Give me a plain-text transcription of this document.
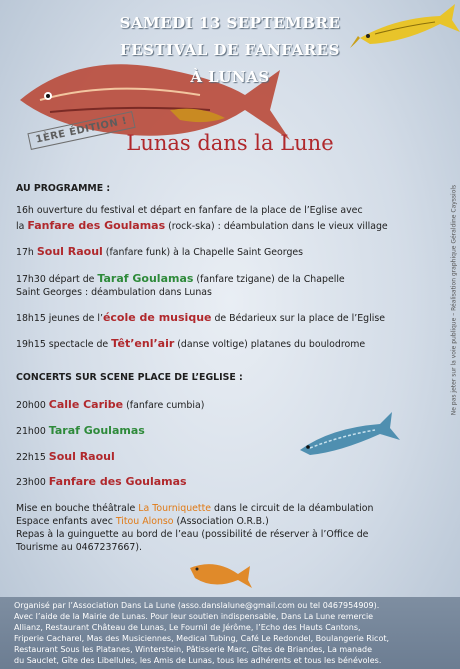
SAMEDI 13 SEPTEMBRE
FESTIVAL DE FANFARES
À LUNAS
1ÈRE ÉDITION !
Lunas dans la Lune
Ne pas jeter sur la voie publique – Réalisation graphique Géraldine Cayssiols
AU PROGRAMME :
16h ouverture du festival et départ en fanfare de la place de l’Eglise avec
la Fanfare des Goulamas (rock-ska) : déambulation dans le vieux village
17h Soul Raoul (fanfare funk) à la Chapelle Saint Georges
17h30 départ de Taraf Goulamas (fanfare tzigane) de la Chapelle
Saint Georges : déambulation dans Lunas
18h15 jeunes de l’école de musique de Bédarieux sur la place de l’Eglise
19h15 spectacle de Têt’enl’air (danse voltige) platanes du boulodrome
CONCERTS SUR SCENE PLACE DE L’EGLISE :
20h00 Calle Caribe (fanfare cumbia)
21h00 Taraf Goulamas
22h15 Soul Raoul
23h00 Fanfare des Goulamas
Mise en bouche théâtrale La Tourniquette dans le circuit de la déambulation
Espace enfants avec Titou Alonso (Association O.R.B.)
Repas à la guinguette au bord de l’eau (possibilité de réserver à l’Office de
Tourisme au 0467237667).
Organisé par l’Association Dans La Lune (asso.danslalune@gmail.com ou tel 0467954909).
Avec l’aide de la Mairie de Lunas. Pour leur soutien indispensable, Dans La Lune remercie
Allianz, Restaurant Château de Lunas, Le Fournil de Jérôme, l’Echo des Hauts Cantons,
Friperie Cacharel, Mas des Musiciennes, Medical Tubing, Café Le Redondel, Boulangerie Ricot,
Restaurant Sous les Platanes, Winterstein, Pâtisserie Marc, Gîtes de Briandes, La manade
du Sauclet, Gîte des Libellules, les Amis de Lunas, tous les adhérents et tous les bénévoles.
